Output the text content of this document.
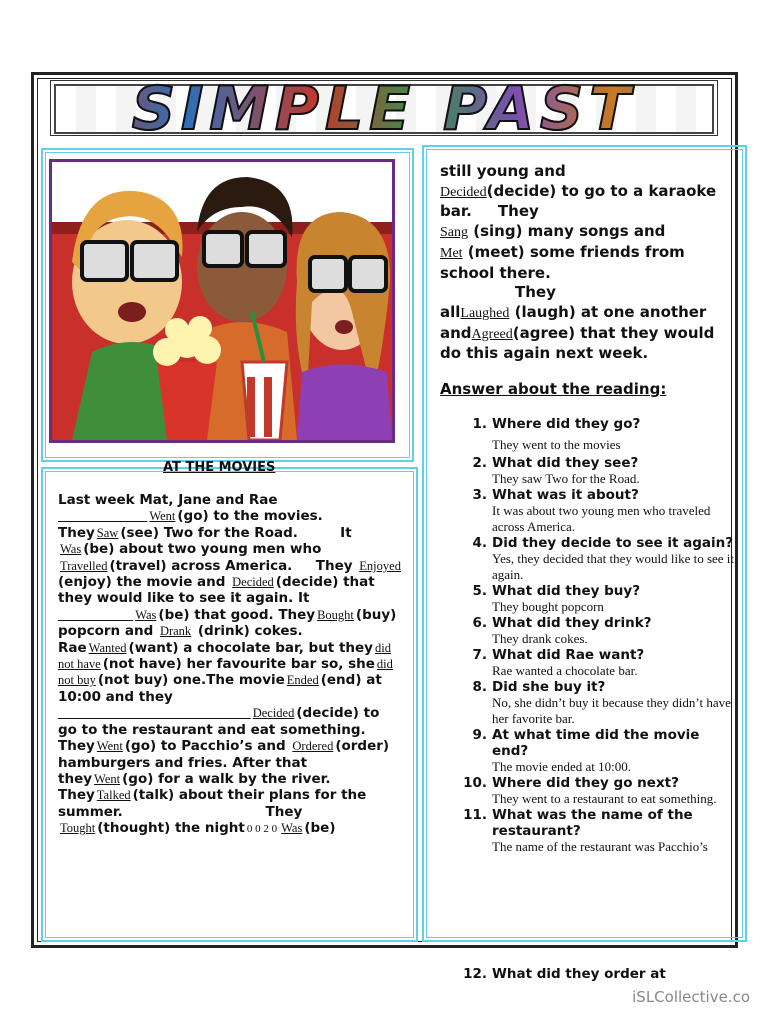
SIMPLE PAST
AT THE MOVIES
Last week Mat, Jane and Rae                    Went (go) to the movies. They Saw (see) Two for the Road.         It Was (be) about two young men who Travelled (travel) across America.     They Enjoyed (enjoy) the movie and Decided (decide) that they would like to see it again. It                 Was (be) that good. They Bought (buy) popcorn and Drank (drink) cokes. Rae Wanted (want) a chocolate bar, but they did not have (not have) her favourite bar so, she did not buy (not buy) one.The movie Ended (end) at 10:00 and they                                          Decided (decide) to go to the restaurant and eat something. They Went (go) to Pacchio’s and Ordered (order) hamburgers and fries. After that they Went (go) for a walk by the river. They Talked (talk) about their plans for the summer.	They Tought (thought) the night 0 0 2 0 Was (be)
still young and
Decided(decide) to go to a karaoke bar.     They
Sang (sing) many songs and
Met (meet) some friends from school there.
They
allLaughed (laugh) at one another andAgreed(agree) that they would do this again next week.
Answer about the reading:
1. Where did they go?
They went to the movies
2. What did they see?
They saw Two for the Road.
3. What was it about?
It was about two young men who traveled across America.
4. Did they decide to see it again?
Yes, they decided that they would like to see it again.
5. What did they buy?
They bought popcorn
6. What did they drink?
They drank cokes.
7. What did Rae want?
Rae wanted a chocolate bar.
8. Did she buy it?
No, she didn’t buy it because they didn’t have her favorite bar.
9. At what time did the movie end?
The movie ended at 10:00.
10. Where did they go next?
They went to a restaurant to eat something.
11. What was the name of the restaurant?
The name of the restaurant was Pacchio’s
12. What did they order at
iSLCollective.co
